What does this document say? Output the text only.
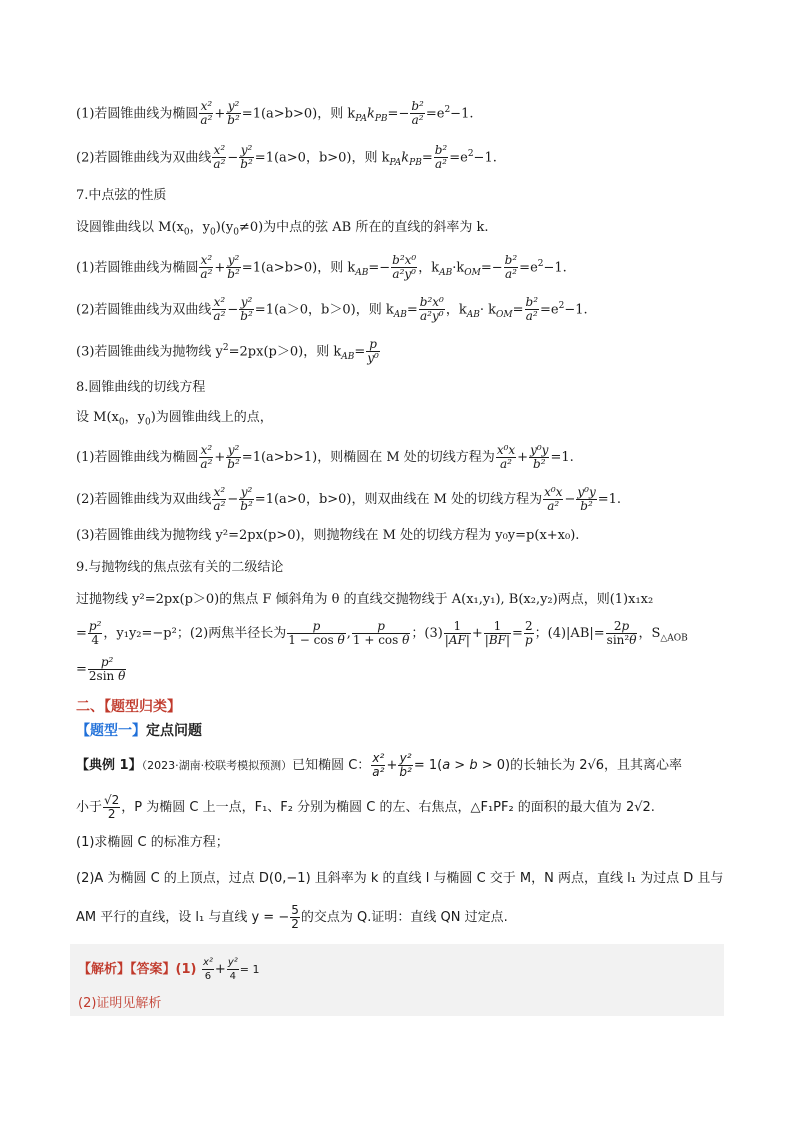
(1)若圆锥曲线为椭圆 $\frac{\text{x²}}{\text{a²}} + \frac{\text{y²}}{\text{b²}} =1(a>b>0)$，则 $k_{PA}k_{PB}=- \frac{\text{b²}}{\text{a²}} =e^2-1$.
(2)若圆锥曲线为双曲线 $\frac{\text{x²}}{\text{a²}} - \frac{\text{y²}}{\text{b²}} =1(a>0$，b>0)，则 $k_{PA}k_{PB}= \frac{\text{b²}}{\text{a²}} =e^2-1$.
7.中点弦的性质
设圆锥曲线以 $M(x_0$，$y_0)(y_0\ne 0)$为中点的弦 AB 所在的直线的斜率为 k.
(1)若圆锥曲线为椭圆 $\frac{\text{x²}}{\text{a²}} + \frac{\text{y²}}{\text{b²}} =1(a>b>0)$，则 $k_{AB}=- \frac{\text{b²x⁰}}{\text{a²y⁰}}$ ，$k_{AB}\cdot k_{OM}=- \frac{\text{b²}}{\text{a²}} =e^2-1$.
(2)若圆锥曲线为双曲线 $\frac{\text{x²}}{\text{a²}} - \frac{\text{y²}}{\text{b²}} =1(a>0$，b＞0)，则 $k_{AB}= \frac{\text{b²x⁰}}{\text{a²y⁰}}$ ，$k_{AB}\cdot k_{OM}= \frac{\text{b²}}{\text{a²}} =e^2-1$.
(3)若圆锥曲线为抛物线 $y^2=2px(p>0)$，则 $k_{AB}= \frac{p}{\text{y⁰}}$
8.圆锥曲线的切线方程
设 $M(x_0$，$y_0$)为圆锥曲线上的点，
(1)若圆锥曲线为椭圆 $\frac{\text{x²}}{\text{a²}} + \frac{\text{y²}}{\text{b²}} =1(a>b>1)$，则椭圆在 M 处的切线方程为 $\frac{\text{x⁰x}}{\text{a²}} + \frac{\text{y⁰y}}{\text{b²}} =1$.
(2)若圆锥曲线为双曲线 $\frac{\text{x²}}{\text{a²}} - \frac{\text{y²}}{\text{b²}} =1(a>0$，b>0)，则双曲线在 M 处的切线方程为 $\frac{\text{x⁰x}}{\text{a²}} - \frac{\text{y⁰y}}{\text{b²}} =1$.
(3)若圆锥曲线为抛物线 y²=2px(p>0)，则抛物线在 M 处的切线方程为 y₀y=p(x+x₀).
9.与抛物线的焦点弦有关的二级结论
过抛物线 y²=2px(p＞0)的焦点 F 倾斜角为 θ 的直线交抛物线于 A(x₁,y₁), B(x₂,y₂)两点，则(1)x₁x₂
= $\frac{\text{p²}}{4}$ ，y₁y₂=−p²；(2)两焦半径长为 $\frac{p}{\text{1 − cos θ}}$ , $\frac{p}{\text{1 + cos θ}}$ ；$(3) \frac{1}{|AF|} + \frac{1}{|BF|} = \frac{2}{p}$ ；$(4)|AB|= \frac{2p}{\text{sin²θ}}$ ，$S_{\triangle AOB}$
= $\frac{\text{p²}}{\text{2sin θ}}$
二、【题型归类】
【题型一】定点问题
【典例 1】（2023·湖南·校联考模拟预测）已知椭圆 C： $\frac{\text{x²}}{\text{a²}} + \frac{\text{y²}}{\text{b²}} = 1(a > b > 0)$的长轴长为 2√6，且其离心率
小于 $\frac{√2}{2}$ ，P 为椭圆 C 上一点，F₁、F₂ 分别为椭圆 C 的左、右焦点，△F₁PF₂ 的面积的最大值为 2√2.
(1)求椭圆 C 的标准方程；
(2)A 为椭圆 C 的上顶点，过点 D(0,−1) 且斜率为 k 的直线 l 与椭圆 C 交于 M，N 两点，直线 l₁ 为过点 D 且与
AM 平行的直线，设 l₁ 与直线 y = − $\frac{5}{2}$ 的交点为 Q.证明：直线 QN 过定点.
【解析】【答案】$(1) \frac{\text{x²}}{6} + \frac{\text{y²}}{4} = 1$
(2)证明见解析
